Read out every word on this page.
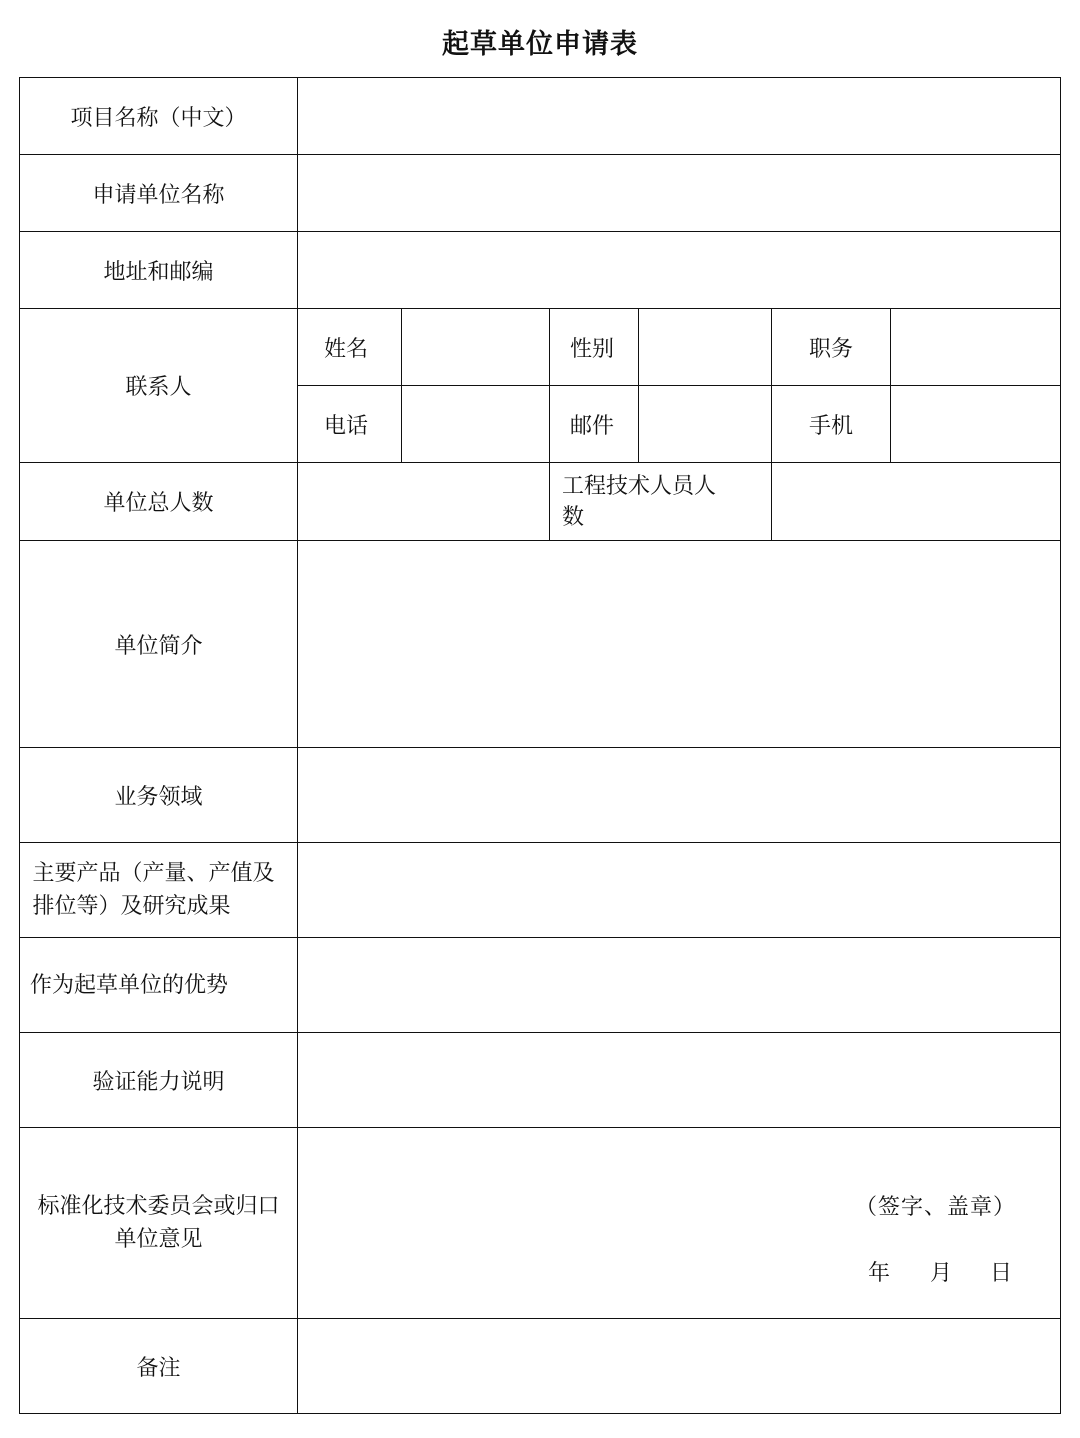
起草单位申请表
项目名称（中文）						
申请单位名称						
地址和邮编						
联系人	姓名		性别		职务	
	电话		邮件		手机	
单位总人数			工程技术人员人数			
单位简介						
业务领域						
主要产品（产量、产值及排位等）及研究成果						
作为起草单位的优势						
验证能力说明						
标准化技术委员会或归口单位意见	（签字、盖章）
年 月 日					

备注						
